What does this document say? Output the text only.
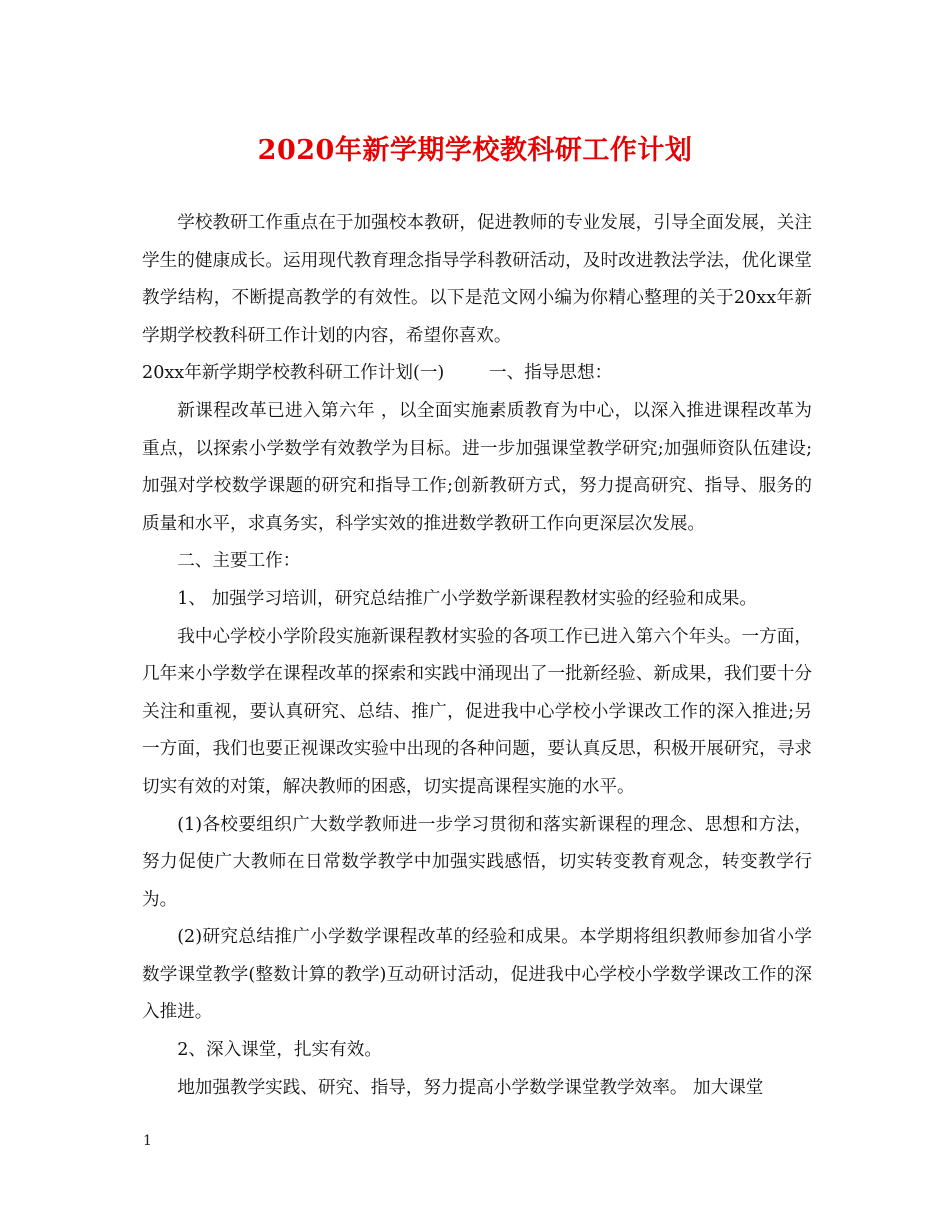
2020年新学期学校教科研工作计划

学校教研工作重点在于加强校本教研，促进教师的专业发展，引导全面发展，关注学生的健康成长。运用现代教育理念指导学科教研活动，及时改进教法学法，优化课堂教学结构，不断提高教学的有效性。以下是范文网小编为你精心整理的关于20xx年新学期学校教科研工作计划的内容，希望你喜欢。

20xx年新学期学校教科研工作计划(一)        一、指导思想：

新课程改革已进入第六年 ，以全面实施素质教育为中心，以深入推进课程改革为重点，以探索小学数学有效教学为目标。进一步加强课堂教学研究;加强师资队伍建设;加强对学校数学课题的研究和指导工作;创新教研方式，努力提高研究、指导、服务的质量和水平，求真务实，科学实效的推进数学教研工作向更深层次发展。

二、主要工作：

1、 加强学习培训，研究总结推广小学数学新课程教材实验的经验和成果。

我中心学校小学阶段实施新课程教材实验的各项工作已进入第六个年头。一方面，几年来小学数学在课程改革的探索和实践中涌现出了一批新经验、新成果，我们要十分关注和重视，要认真研究、总结、推广，促进我中心学校小学课改工作的深入推进;另一方面，我们也要正视课改实验中出现的各种问题，要认真反思，积极开展研究，寻求切实有效的对策，解决教师的困惑，切实提高课程实施的水平。

(1)各校要组织广大数学教师进一步学习贯彻和落实新课程的理念、思想和方法，努力促使广大教师在日常数学教学中加强实践感悟，切实转变教育观念，转变教学行为。

(2)研究总结推广小学数学课程改革的经验和成果。本学期将组织教师参加省小学数学课堂教学(整数计算的教学)互动研讨活动，促进我中心学校小学数学课改工作的深入推进。

2、深入课堂，扎实有效。

地加强教学实践、研究、指导，努力提高小学数学课堂教学效率。 加大课堂

1
